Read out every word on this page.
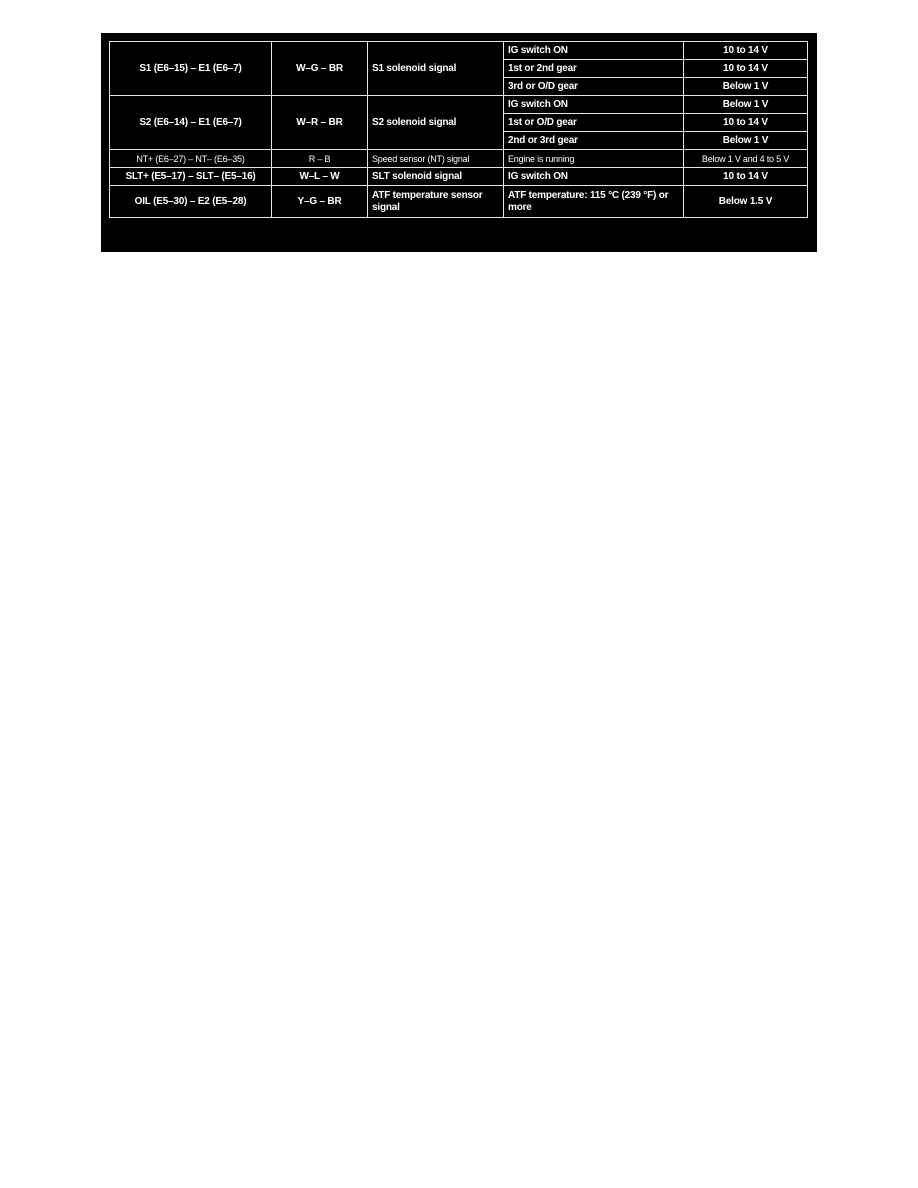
S1 (E6–15) – E1 (E6–7)	W–G – BR	S1 solenoid signal	IG switch ON	10 to 14 V
			1st or 2nd gear	10 to 14 V
			3rd or O/D gear	Below 1 V
S2 (E6–14) – E1 (E6–7)	W–R – BR	S2 solenoid signal	IG switch ON	Below 1 V
			1st or O/D gear	10 to 14 V
			2nd or 3rd gear	Below 1 V
NT+ (E6–27) – NT– (E6–35)	R – B	Speed sensor (NT) signal	Engine is running	Below 1 V and 4 to 5 V
SLT+ (E5–17) – SLT– (E5–16)	W–L – W	SLT solenoid signal	IG switch ON	10 to 14 V
OIL (E5–30) – E2 (E5–28)	Y–G – BR	ATF temperature sensor signal	ATF temperature: 115 °C (239 °F) or more	Below 1.5 V
